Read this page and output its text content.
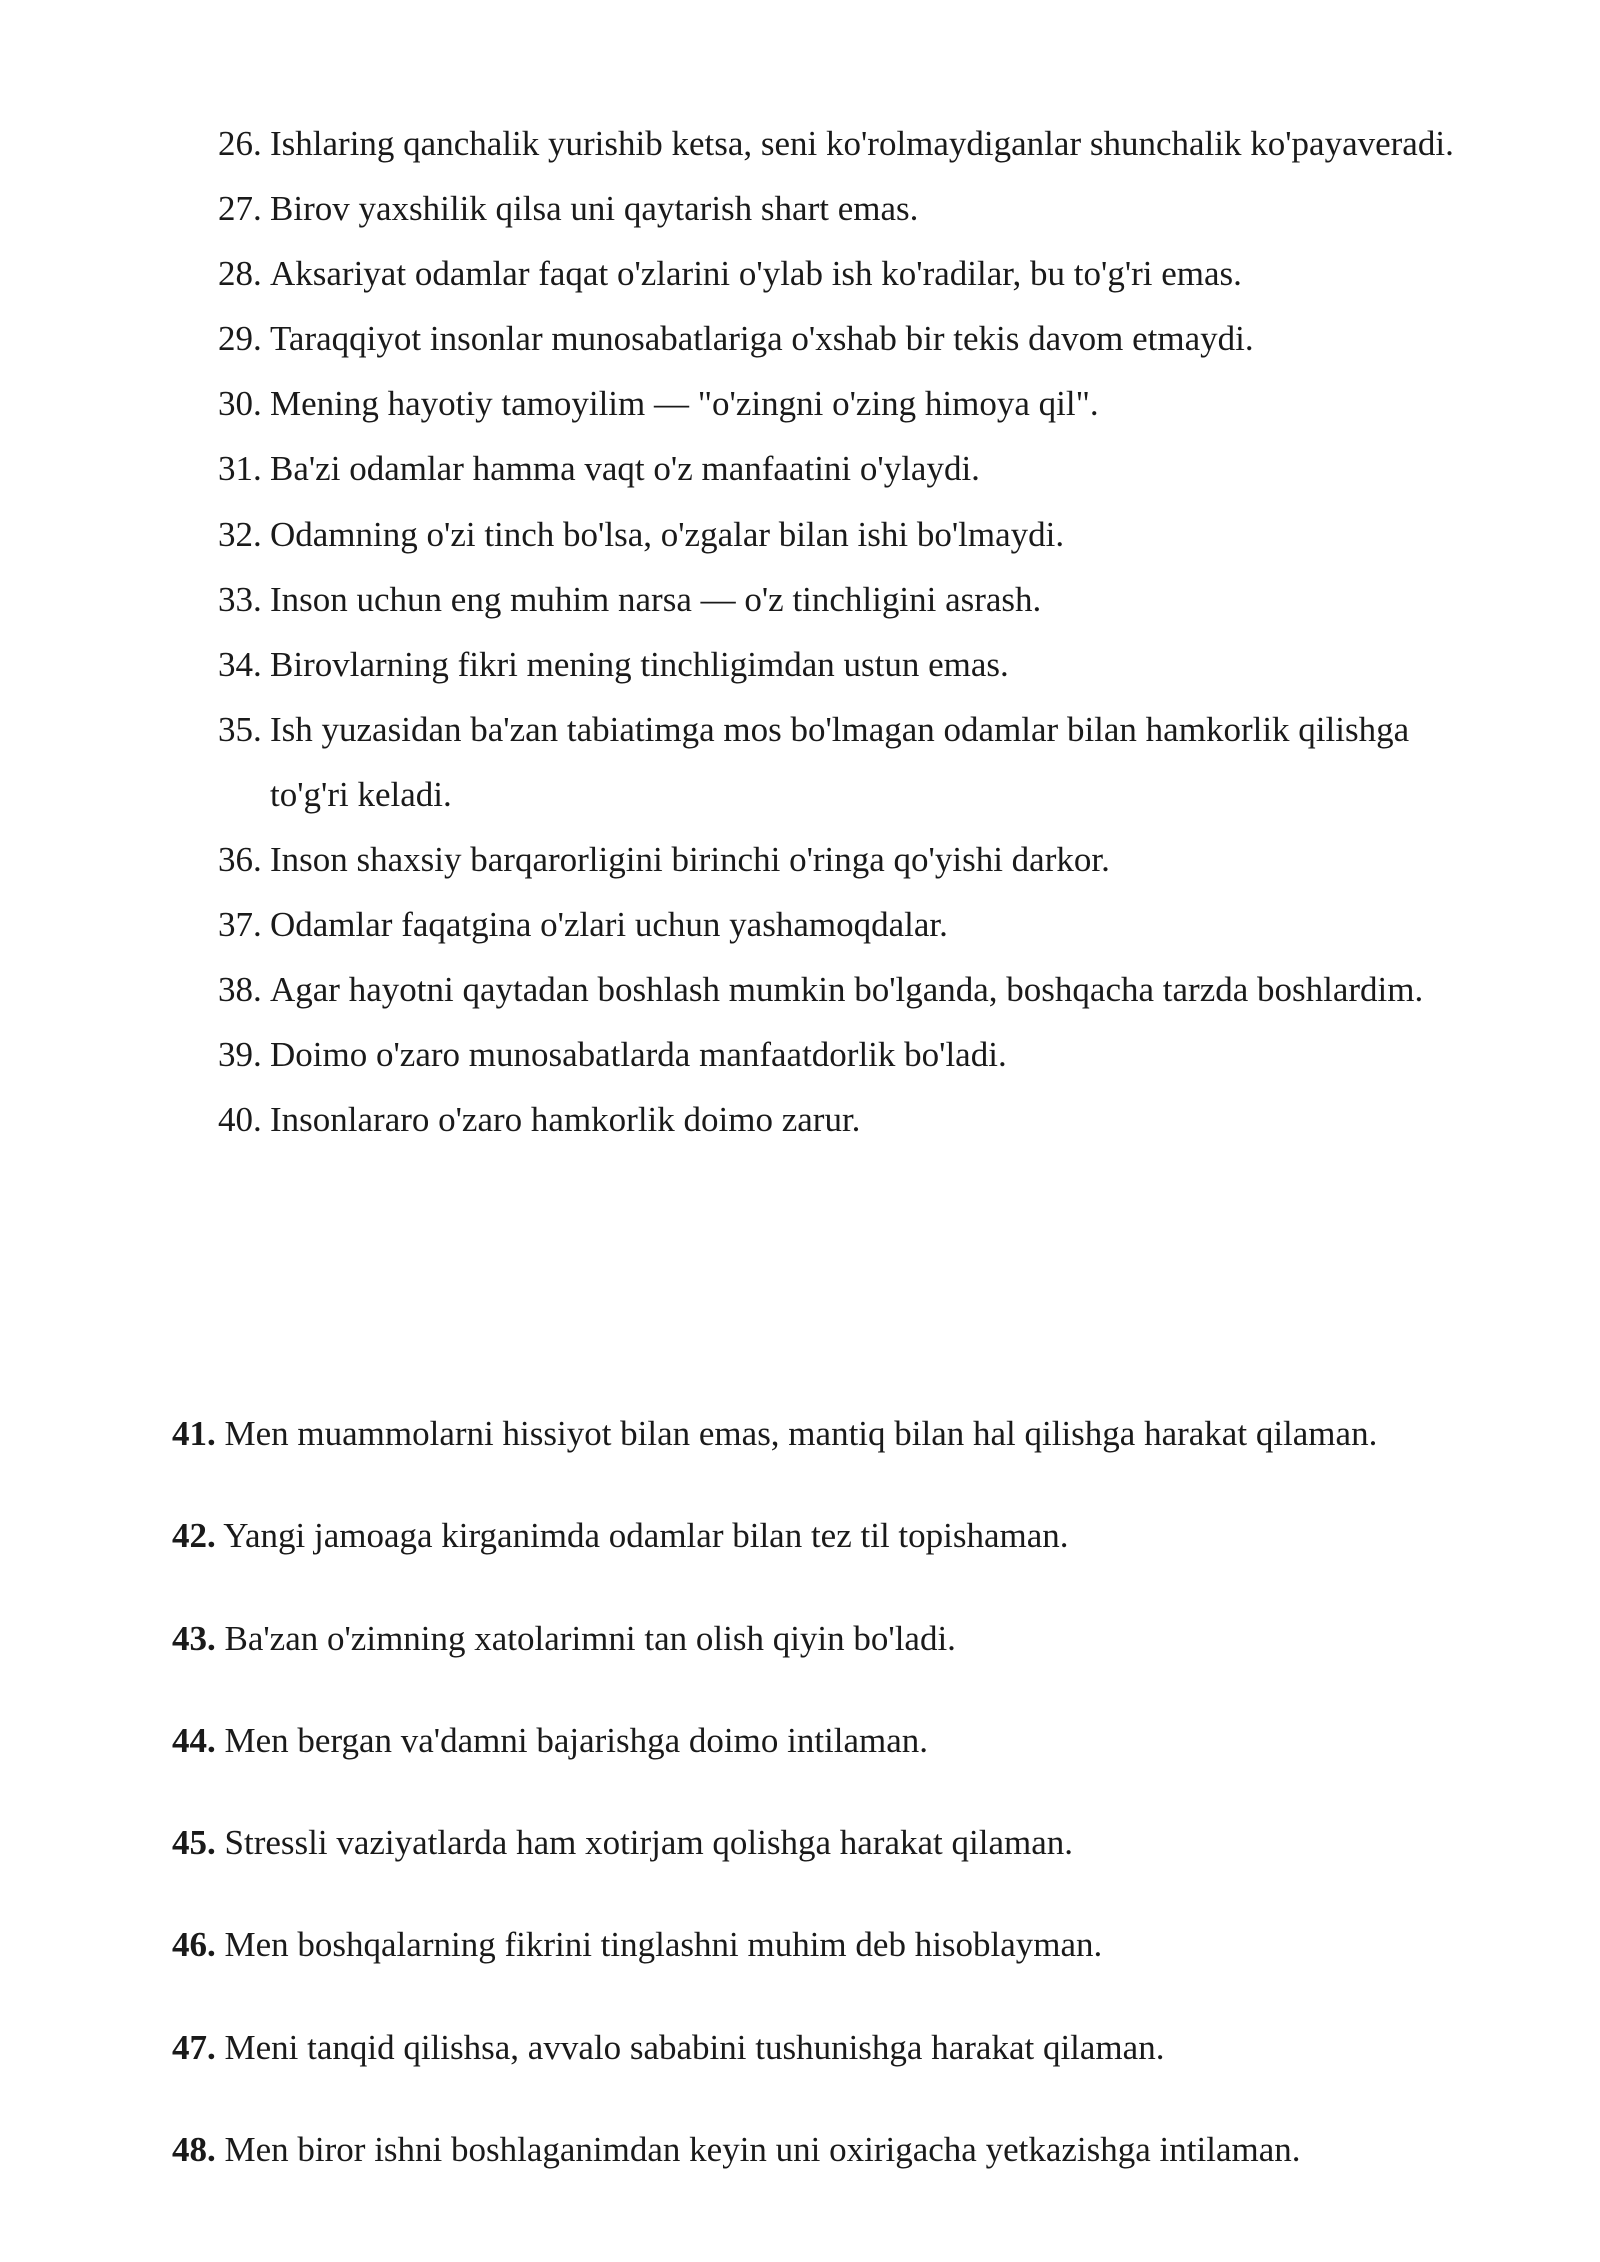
26. Ishlaring qanchalik yurishib ketsa, seni ko'rolmaydiganlar shunchalik ko'payaveradi.
27. Birov yaxshilik qilsa uni qaytarish shart emas.
28. Aksariyat odamlar faqat o'zlarini o'ylab ish ko'radilar, bu to'g'ri emas.
29. Taraqqiyot insonlar munosabatlariga o'xshab bir tekis davom etmaydi.
30. Mening hayotiy tamoyilim — "o'zingni o'zing himoya qil".
31. Ba'zi odamlar hamma vaqt o'z manfaatini o'ylaydi.
32. Odamning o'zi tinch bo'lsa, o'zgalar bilan ishi bo'lmaydi.
33. Inson uchun eng muhim narsa — o'z tinchligini asrash.
34. Birovlarning fikri mening tinchligimdan ustun emas.
35. Ish yuzasidan ba'zan tabiatimga mos bo'lmagan odamlar bilan hamkorlik qilishga to'g'ri keladi.
36. Inson shaxsiy barqarorligini birinchi o'ringa qo'yishi darkor.
37. Odamlar faqatgina o'zlari uchun yashamoqdalar.
38. Agar hayotni qaytadan boshlash mumkin bo'lganda, boshqacha tarzda boshlardim.
39. Doimo o'zaro munosabatlarda manfaatdorlik bo'ladi.
40. Insonlararo o'zaro hamkorlik doimo zarur.
41. Men muammolarni hissiyot bilan emas, mantiq bilan hal qilishga harakat qilaman.
42. Yangi jamoaga kirganimda odamlar bilan tez til topishaman.
43. Ba'zan o'zimning xatolarimni tan olish qiyin bo'ladi.
44. Men bergan va'damni bajarishga doimo intilaman.
45. Stressli vaziyatlarda ham xotirjam qolishga harakat qilaman.
46. Men boshqalarning fikrini tinglashni muhim deb hisoblayman.
47. Meni tanqid qilishsa, avvalo sababini tushunishga harakat qilaman.
48. Men biror ishni boshlaganimdan keyin uni oxirigacha yetkazishga intilaman.
